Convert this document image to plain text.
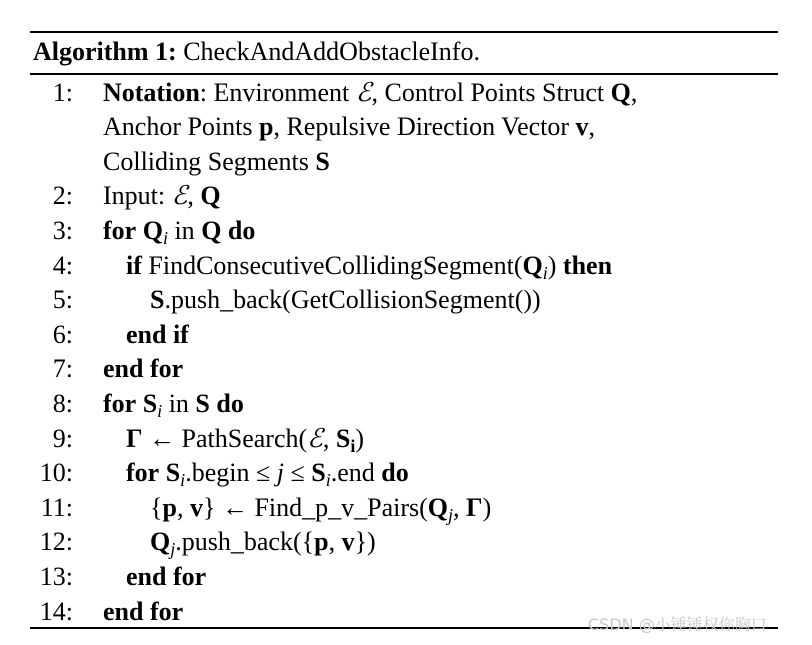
Algorithm 1: CheckAndAddObstacleInfo.
1: Notation: Environment ℰ, Control Points Struct Q,
Anchor Points p, Repulsive Direction Vector v,
Colliding Segments S
2: Input: ℰ, Q
3: for $Q_i$ in Q do
4: if $FindConsecutiveCollidingSegment(Q_i)$ then
5:	S.push_back(GetCollisionSegment())
6: end if
7: end for
8: for $S_i$ in S do
9: Γ ← PathSearch(ℰ, $S_i$)
10: for $S_i.begin \le j \le S_i.end$ do
11:	{p, v} ← $Find\_p\_v\_Pairs(Q_j$, Γ)
12:	$Q_j.push\_back(\{p$, v})
13: end for
14: end for	CSDN @小锤锤权你胸口
